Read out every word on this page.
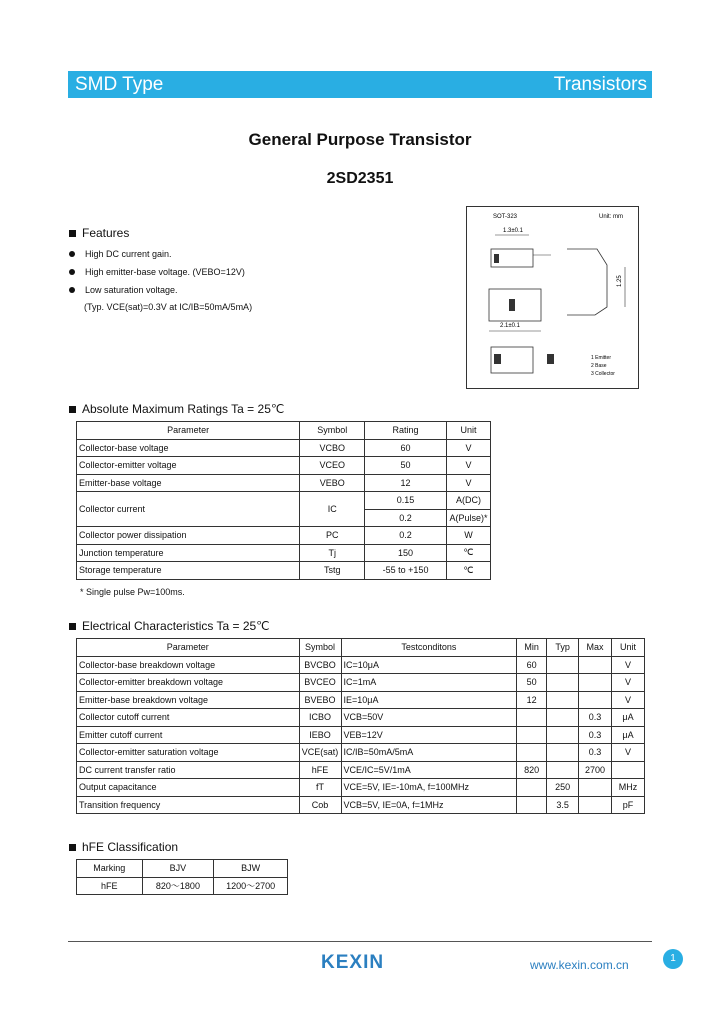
SMD Type	Transistors
General Purpose Transistor
2SD2351
Features
High DC current gain.
High emitter-base voltage. (VEBO=12V)
Low saturation voltage.
(Typ. VCE(sat)=0.3V at IC/IB=50mA/5mA)
SOT-323	Unit: mm
1.3±0.1
2.1±0.1
1.25
1 Emitter
2 Base
3 Collector
Absolute Maximum Ratings Ta = 25℃
Parameter	Symbol	Rating	Unit
Collector-base voltage	VCBO	60	V
Collector-emitter voltage	VCEO	50	V
Emitter-base voltage	VEBO	12	V
Collector current	IC	0.15	A(DC)
		0.2	A(Pulse)*
Collector power dissipation	PC	0.2	W
Junction temperature	Tj	150	℃
Storage temperature	Tstg	-55 to +150	℃
* Single pulse Pw=100ms.
Electrical Characteristics Ta = 25℃
Parameter	Symbol	Testconditons	Min	Typ	Max	Unit
Collector-base breakdown voltage	BVCBO	IC=10μA	60			V
Collector-emitter breakdown voltage	BVCEO	IC=1mA	50			V
Emitter-base breakdown voltage	BVEBO	IE=10μA	12			V
Collector cutoff current	ICBO	VCB=50V			0.3	μA
Emitter cutoff current	IEBO	VEB=12V			0.3	μA
Collector-emitter saturation voltage	VCE(sat)	IC/IB=50mA/5mA			0.3	V
DC current transfer ratio	hFE	VCE/IC=5V/1mA	820		2700	
Output capacitance	fT	VCE=5V, IE=-10mA, f=100MHz		250		MHz
Transition frequency	Cob	VCB=5V, IE=0A, f=1MHz		3.5		pF
hFE Classification
Marking	BJV	BJW
hFE	820～1800	1200～2700
KEXIN	www.kexin.com.cn	1
